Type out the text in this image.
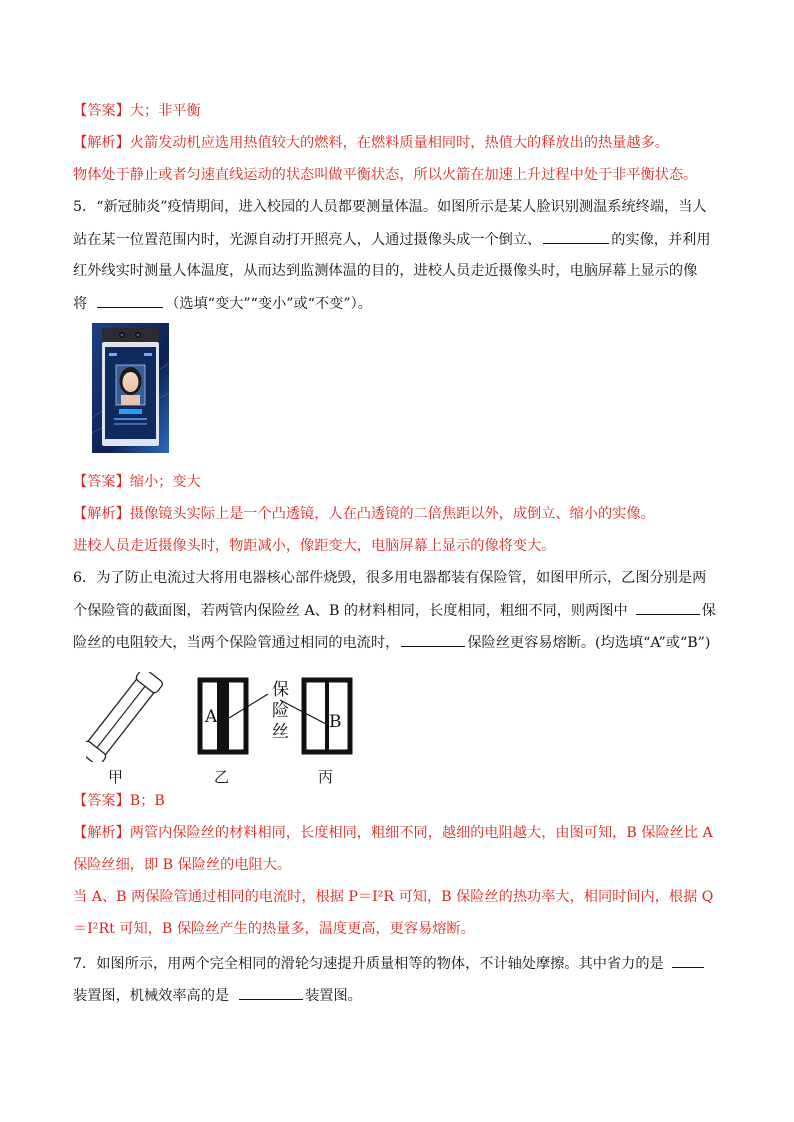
【答案】大；非平衡
【解析】火箭发动机应选用热值较大的燃料，在燃料质量相同时，热值大的释放出的热量越多。
物体处于静止或者匀速直线运动的状态叫做平衡状态，所以火箭在加速上升过程中处于非平衡状态。
5．“新冠肺炎”疫情期间，进入校园的人员都要测量体温。如图所示是某人脸识别测温系统终端，当人
站在某一位置范围内时，光源自动打开照亮人，人通过摄像头成一个倒立、	的实像，并利用
红外线实时测量人体温度，从而达到监测体温的目的，进校人员走近摄像头时，电脑屏幕上显示的像
将	（选填“变大”“变小”或“不变”）。
【答案】缩小；变大
【解析】摄像镜头实际上是一个凸透镜，人在凸透镜的二倍焦距以外，成倒立、缩小的实像。
进校人员走近摄像头时，物距减小，像距变大，电脑屏幕上显示的像将变大。
6．为了防止电流过大将用电器核心部件烧毁，很多用电器都装有保险管，如图甲所示，乙图分别是两
个保险管的截面图，若两管内保险丝 A、B 的材料相同，长度相同，粗细不同，则两图中	保
险丝的电阻较大，当两个保险管通过相同的电流时，	保险丝更容易熔断。(均选填“A”或“B”)
A	B
保险丝
甲	乙	丙
【答案】B；B
【解析】两管内保险丝的材料相同，长度相同，粗细不同，越细的电阻越大，由图可知，B 保险丝比 A
保险丝细，即 B 保险丝的电阻大。
当 A、B 两保险管通过相同的电流时，根据 P＝I²R 可知，B 保险丝的热功率大，相同时间内，根据 Q
＝I²Rt 可知，B 保险丝产生的热量多，温度更高，更容易熔断。
7．如图所示，用两个完全相同的滑轮匀速提升质量相等的物体，不计轴处摩擦。其中省力的是
装置图，机械效率高的是	装置图。
